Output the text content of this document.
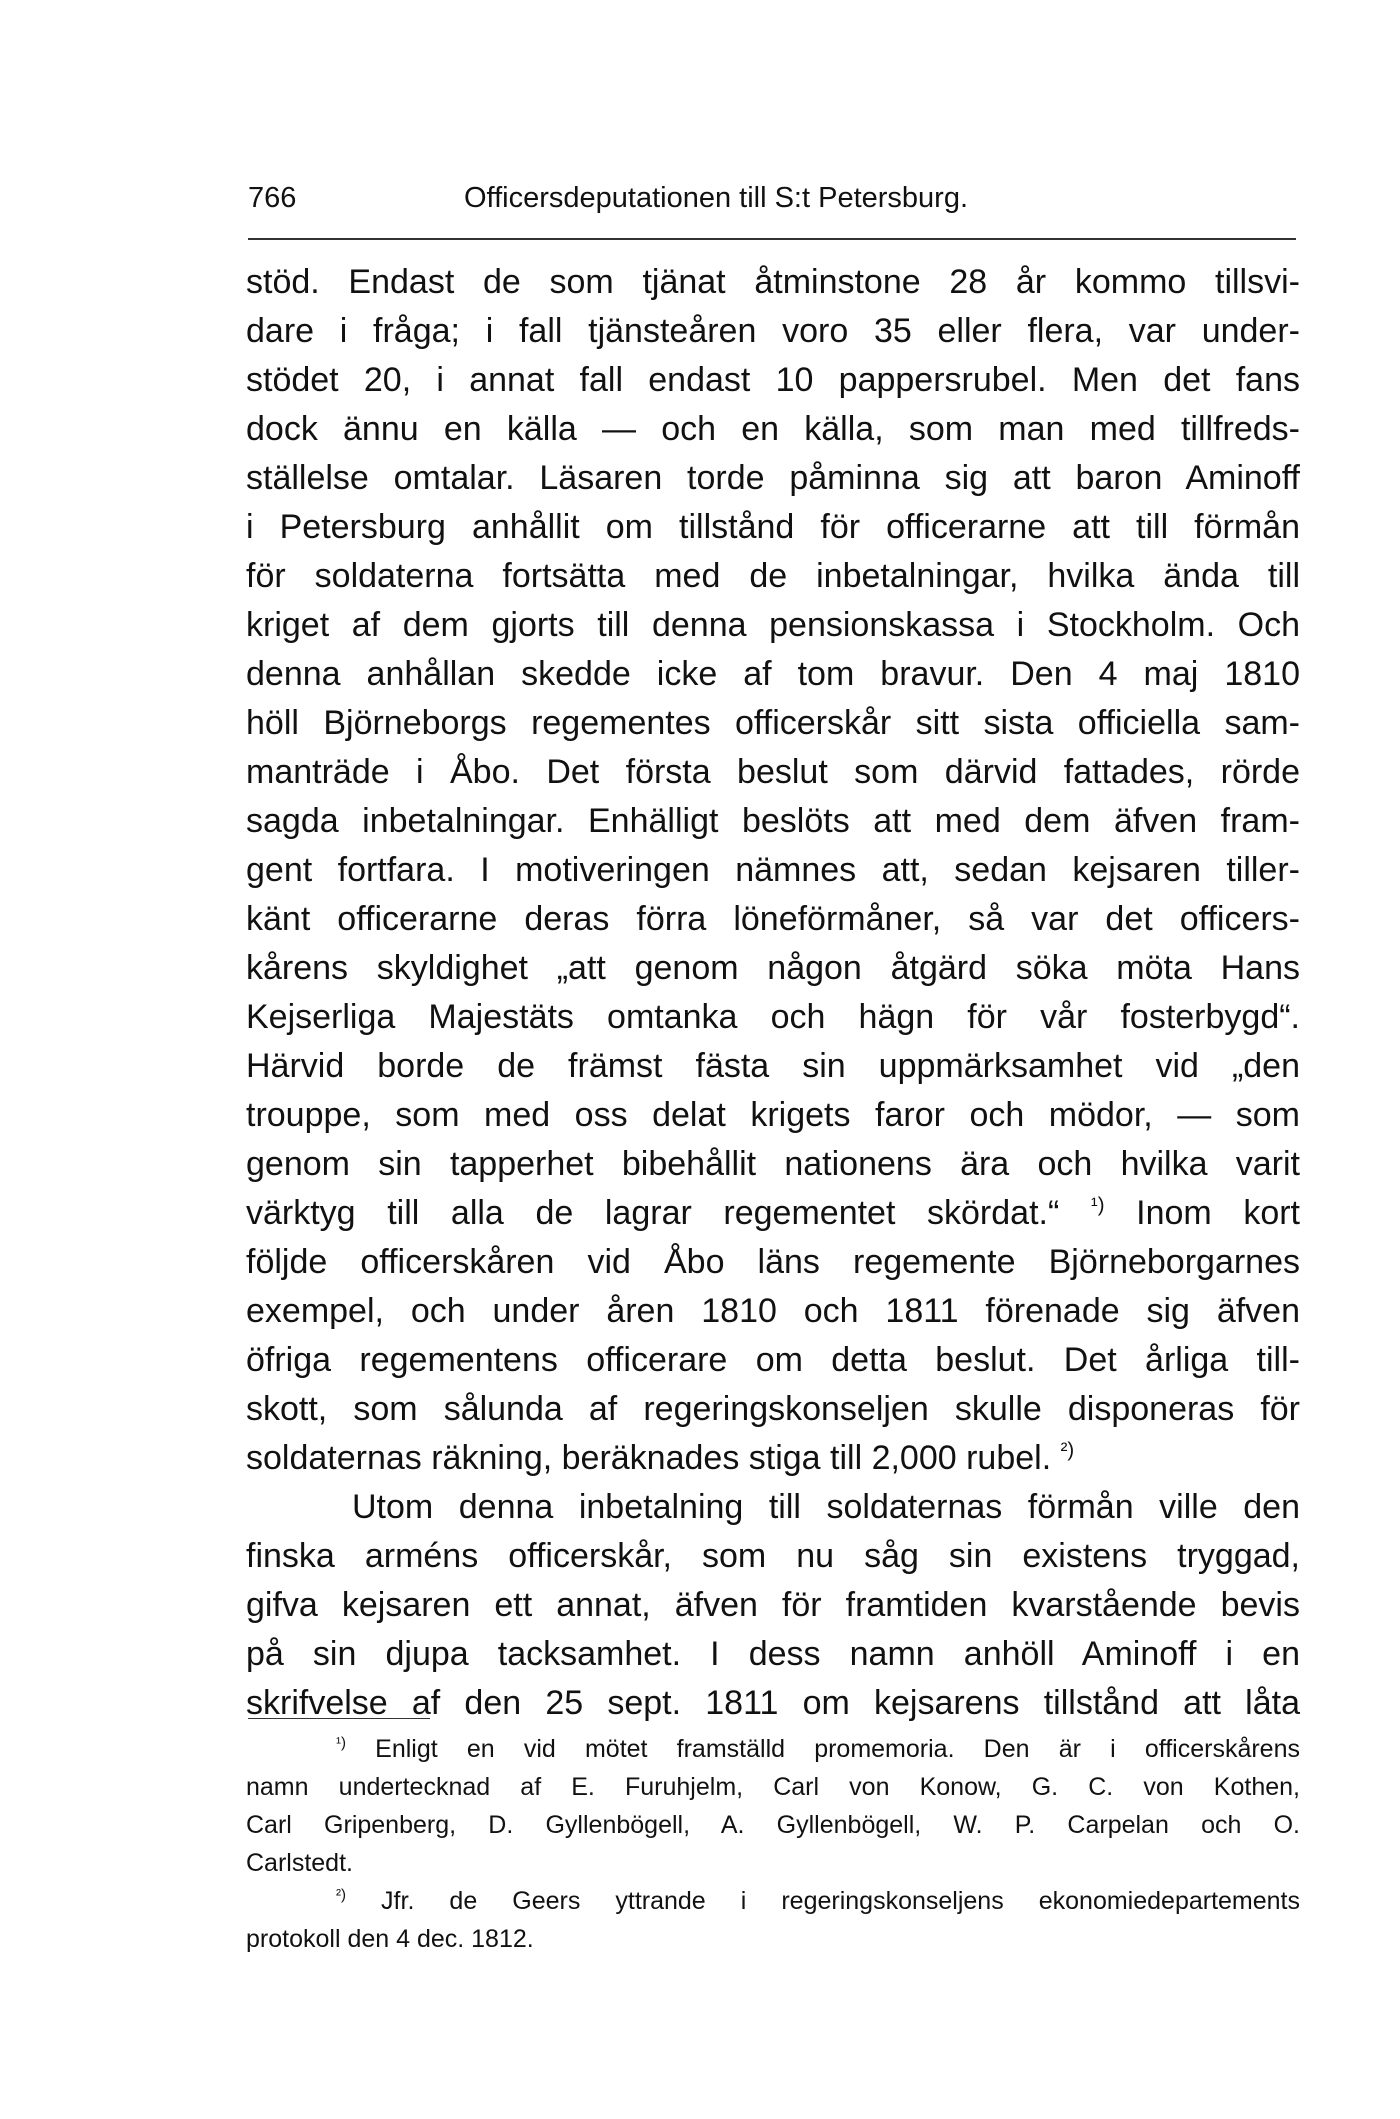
766	Officersdeputationen till S:t Petersburg.
stöd. Endast de som tjänat åtminstone 28 år kommo tillsvi-
dare i fråga; i fall tjänsteåren voro 35 eller flera, var under-
stödet 20, i annat fall endast 10 pappersrubel. Men det fans
dock ännu en källa — och en källa, som man med tillfreds-
ställelse omtalar. Läsaren torde påminna sig att baron Aminoff
i Petersburg anhållit om tillstånd för officerarne att till förmån
för soldaterna fortsätta med de inbetalningar, hvilka ända till
kriget af dem gjorts till denna pensionskassa i Stockholm. Och
denna anhållan skedde icke af tom bravur. Den 4 maj 1810
höll Björneborgs regementes officerskår sitt sista officiella sam-
manträde i Åbo. Det första beslut som därvid fattades, rörde
sagda inbetalningar. Enhälligt beslöts att med dem äfven fram-
gent fortfara. I motiveringen nämnes att, sedan kejsaren tiller-
känt officerarne deras förra löneförmåner, så var det officers-
kårens skyldighet „att genom någon åtgärd söka möta Hans
Kejserliga Majestäts omtanka och hägn för vår fosterbygd“.
Härvid borde de främst fästa sin uppmärksamhet vid „den
trouppe, som med oss delat krigets faror och mödor, — som
genom sin tapperhet bibehållit nationens ära och hvilka varit
värktyg till alla de lagrar regementet skördat.“ $^{^1)}$ Inom kort
följde officerskåren vid Åbo läns regemente Björneborgarnes
exempel, och under åren 1810 och 1811 förenade sig äfven
öfriga regementens officerare om detta beslut. Det årliga till-
skott, som sålunda af regeringskonseljen skulle disponeras för
soldaternas räkning, beräknades stiga till 2,000 rubel. $^{^2)}$
Utom denna inbetalning till soldaternas förmån ville den
finska arméns officerskår, som nu såg sin existens tryggad,
gifva kejsaren ett annat, äfven för framtiden kvarstående bevis
på sin djupa tacksamhet. I dess namn anhöll Aminoff i en
skrifvelse af den 25 sept. 1811 om kejsarens tillstånd att låta
$^{^1)}$ Enligt en vid mötet framställd promemoria. Den är i officerskårens
namn undertecknad af E. Furuhjelm, Carl von Konow, G. C. von Kothen,
Carl Gripenberg, D. Gyllenbögell, A. Gyllenbögell, W. P. Carpelan och O.
Carlstedt.
$^{^2)}$ Jfr. de Geers yttrande i regeringskonseljens ekonomiedepartements
protokoll den 4 dec. 1812.
